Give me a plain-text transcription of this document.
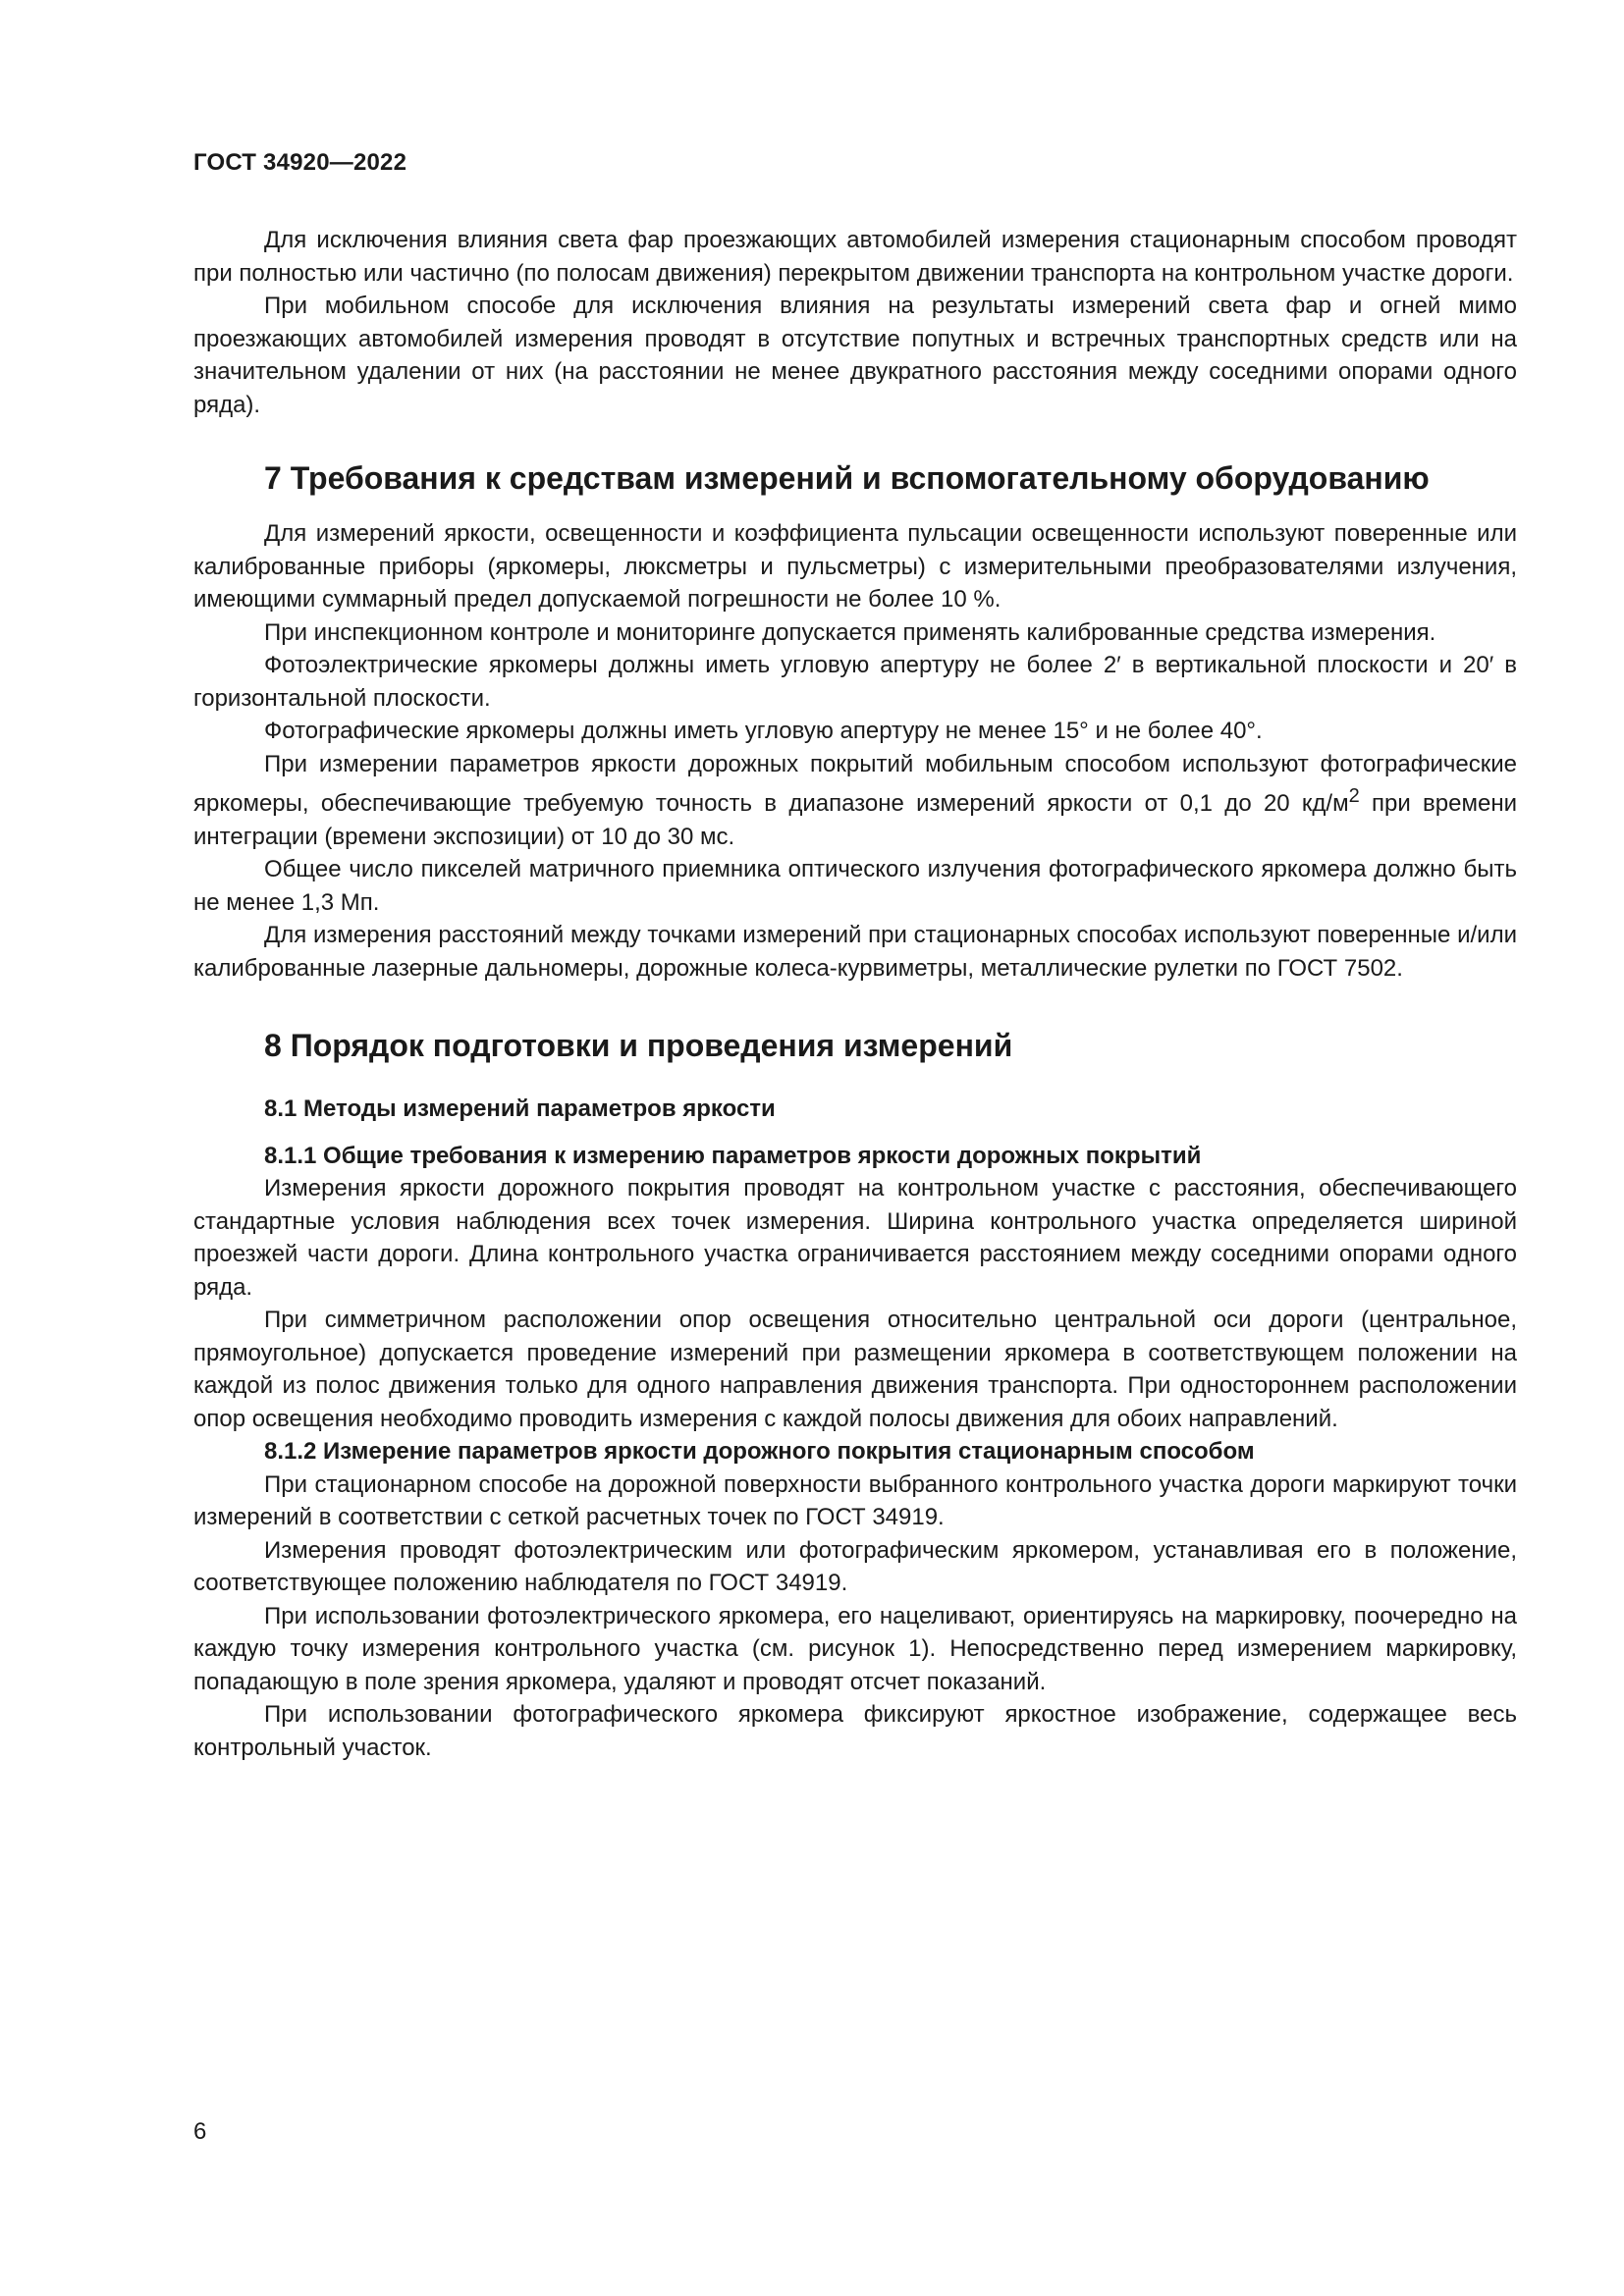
ГОСТ 34920—2022

Для исключения влияния света фар проезжающих автомобилей измерения стационарным способом проводят при полностью или частично (по полосам движения) перекрытом движении транспорта на контрольном участке дороги.

При мобильном способе для исключения влияния на результаты измерений света фар и огней мимо проезжающих автомобилей измерения проводят в отсутствие попутных и встречных транспортных средств или на значительном удалении от них (на расстоянии не менее двукратного расстояния между соседними опорами одного ряда).

7 Требования к средствам измерений и вспомогательному оборудованию

Для измерений яркости, освещенности и коэффициента пульсации освещенности используют поверенные или калиброванные приборы (яркомеры, люксметры и пульсметры) с измерительными преобразователями излучения, имеющими суммарный предел допускаемой погрешности не более 10 %.

При инспекционном контроле и мониторинге допускается применять калиброванные средства измерения.

Фотоэлектрические яркомеры должны иметь угловую апертуру не более 2′ в вертикальной плоскости и 20′ в горизонтальной плоскости.

Фотографические яркомеры должны иметь угловую апертуру не менее 15° и не более 40°.

При измерении параметров яркости дорожных покрытий мобильным способом используют фотографические яркомеры, обеспечивающие требуемую точность в диапазоне измерений яркости от 0,1 до 20 $кд/м^2$ при времени интеграции (времени экспозиции) от 10 до 30 мс.

Общее число пикселей матричного приемника оптического излучения фотографического яркомера должно быть не менее 1,3 Мп.

Для измерения расстояний между точками измерений при стационарных способах используют поверенные и/или калиброванные лазерные дальномеры, дорожные колеса-курвиметры, металлические рулетки по ГОСТ 7502.

8 Порядок подготовки и проведения измерений
8.1 Методы измерений параметров яркости
8.1.1 Общие требования к измерению параметров яркости дорожных покрытий

Измерения яркости дорожного покрытия проводят на контрольном участке с расстояния, обеспечивающего стандартные условия наблюдения всех точек измерения. Ширина контрольного участка определяется шириной проезжей части дороги. Длина контрольного участка ограничивается расстоянием между соседними опорами одного ряда.

При симметричном расположении опор освещения относительно центральной оси дороги (центральное, прямоугольное) допускается проведение измерений при размещении яркомера в соответствующем положении на каждой из полос движения только для одного направления движения транспорта. При одностороннем расположении опор освещения необходимо проводить измерения с каждой полосы движения для обоих направлений.

8.1.2 Измерение параметров яркости дорожного покрытия стационарным способом

При стационарном способе на дорожной поверхности выбранного контрольного участка дороги маркируют точки измерений в соответствии с сеткой расчетных точек по ГОСТ 34919.

Измерения проводят фотоэлектрическим или фотографическим яркомером, устанавливая его в положение, соответствующее положению наблюдателя по ГОСТ 34919.

При использовании фотоэлектрического яркомера, его нацеливают, ориентируясь на маркировку, поочередно на каждую точку измерения контрольного участка (см. рисунок 1). Непосредственно перед измерением маркировку, попадающую в поле зрения яркомера, удаляют и проводят отсчет показаний.

При использовании фотографического яркомера фиксируют яркостное изображение, содержащее весь контрольный участок.

6
